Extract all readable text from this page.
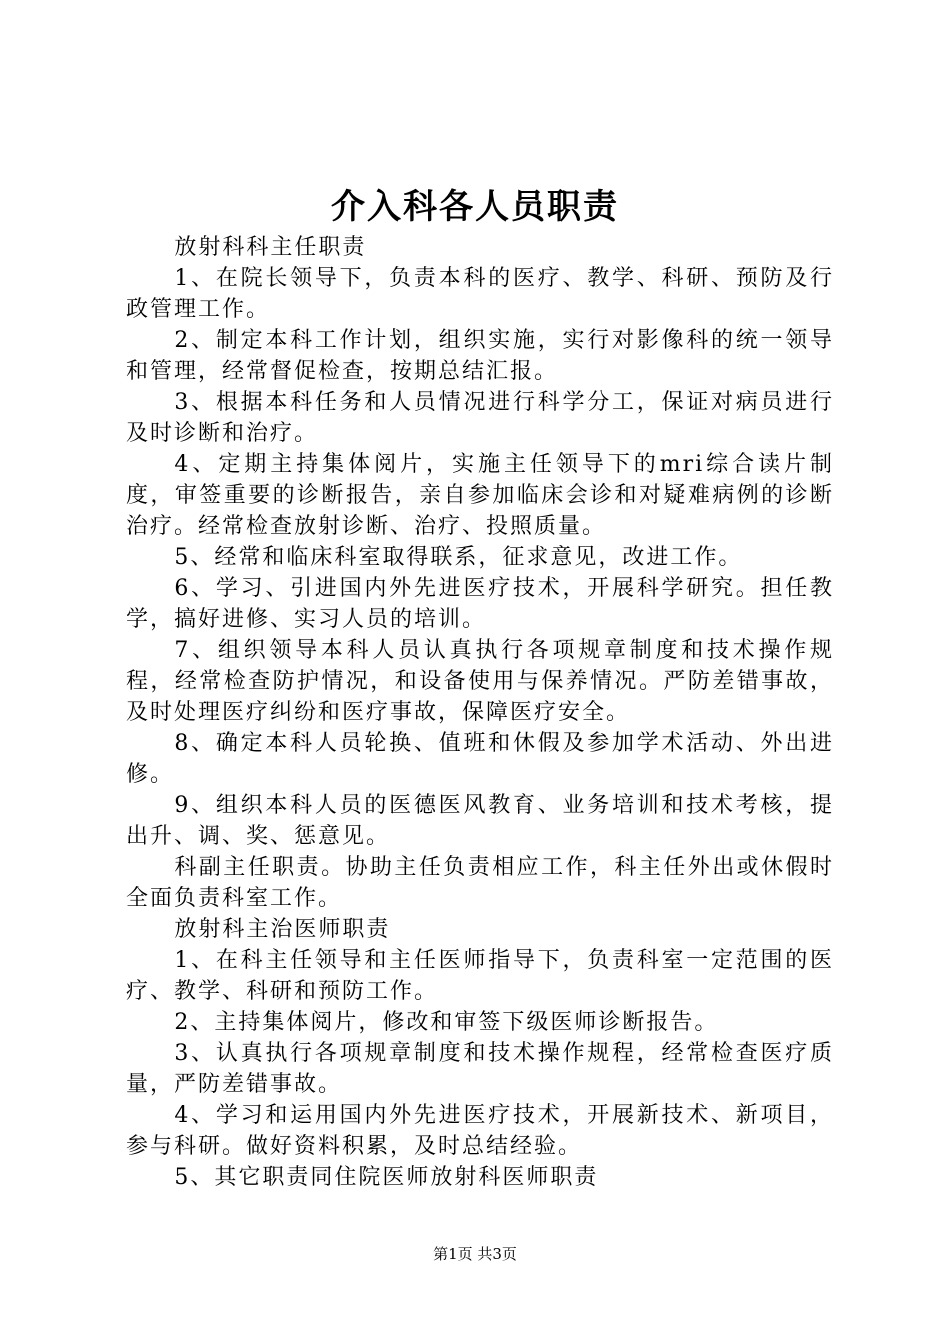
介入科各人员职责

放射科科主任职责

1、在院长领导下，负责本科的医疗、教学、科研、预防及行政管理工作。

2、制定本科工作计划，组织实施，实行对影像科的统一领导和管理，经常督促检查，按期总结汇报。

3、根据本科任务和人员情况进行科学分工，保证对病员进行及时诊断和治疗。

4、定期主持集体阅片，实施主任领导下的mri综合读片制度，审签重要的诊断报告，亲自参加临床会诊和对疑难病例的诊断治疗。经常检查放射诊断、治疗、投照质量。

5、经常和临床科室取得联系，征求意见，改进工作。

6、学习、引进国内外先进医疗技术，开展科学研究。担任教学，搞好进修、实习人员的培训。

7、组织领导本科人员认真执行各项规章制度和技术操作规程，经常检查防护情况，和设备使用与保养情况。严防差错事故，及时处理医疗纠纷和医疗事故，保障医疗安全。

8、确定本科人员轮换、值班和休假及参加学术活动、外出进修。

9、组织本科人员的医德医风教育、业务培训和技术考核，提出升、调、奖、惩意见。

科副主任职责。协助主任负责相应工作，科主任外出或休假时全面负责科室工作。

放射科主治医师职责

1、在科主任领导和主任医师指导下，负责科室一定范围的医疗、教学、科研和预防工作。

2、主持集体阅片，修改和审签下级医师诊断报告。

3、认真执行各项规章制度和技术操作规程，经常检查医疗质量，严防差错事故。

4、学习和运用国内外先进医疗技术，开展新技术、新项目，参与科研。做好资料积累，及时总结经验。

5、其它职责同住院医师放射科医师职责

第1页 共3页
